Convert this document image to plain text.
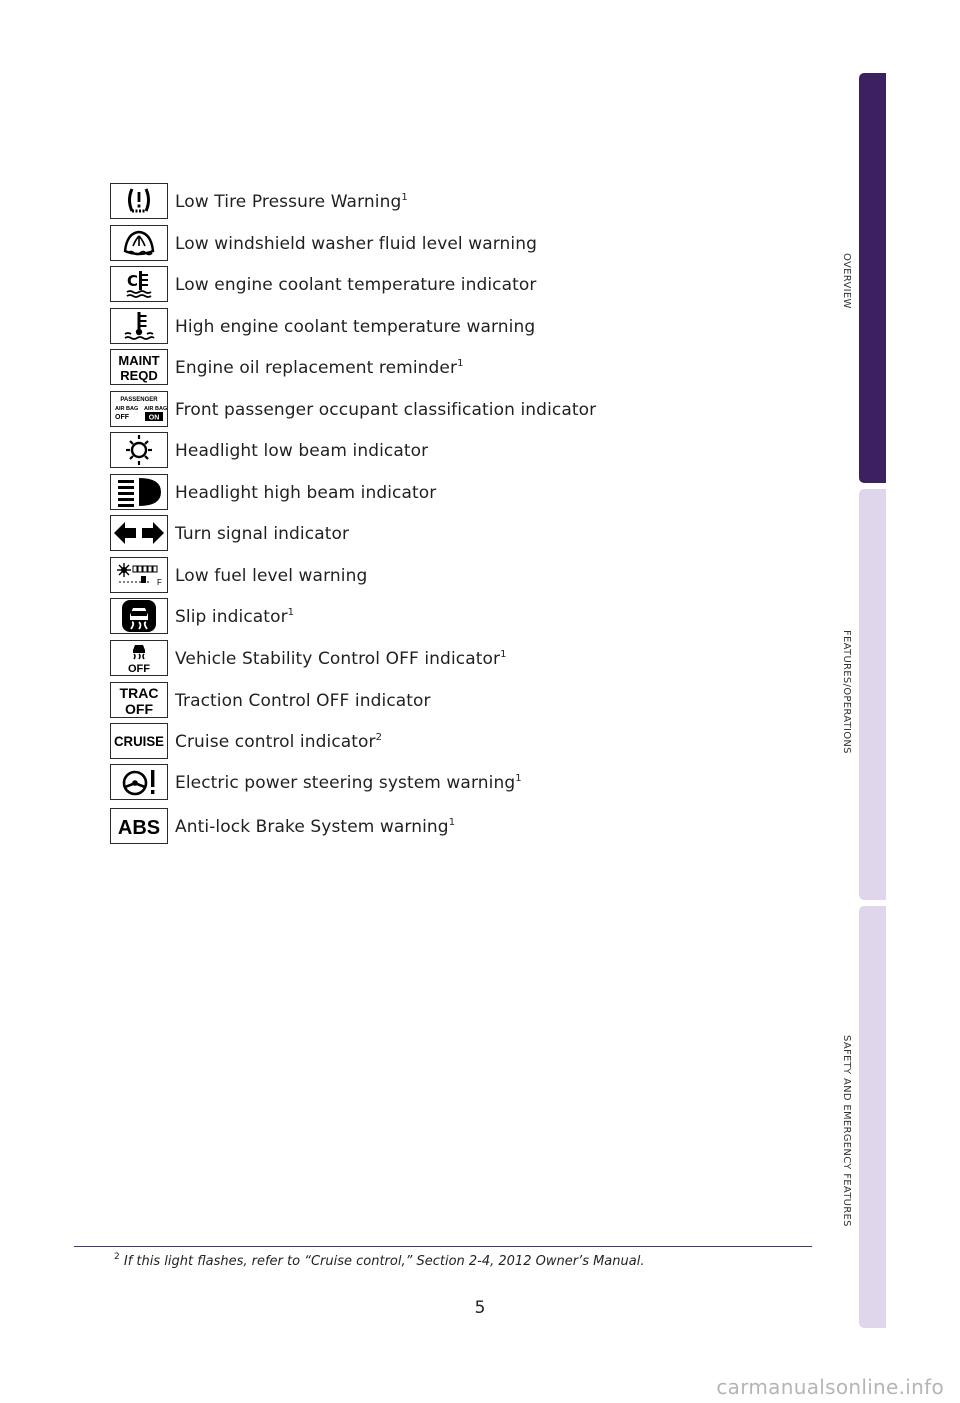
OVERVIEW
FEATURES/OPERATIONS
SAFETY AND EMERGENCY FEATURES
Low Tire Pressure Warning$^1$
Low windshield washer fluid level warning
C Low engine coolant temperature indicator
High engine coolant temperature warning
MAINT
REQD Engine oil replacement reminder$^1$
PASSENGER
AIR BAG
OFF
AIR BAG
ON Front passenger occupant classification indicator
Headlight low beam indicator
Headlight high beam indicator
Turn signal indicator
F Low fuel level warning
Slip indicator$^1$
OFF Vehicle Stability Control OFF indicator$^1$
TRAC
OFF Traction Control OFF indicator
CRUISE Cruise control indicator$^2$
Electric power steering system warning$^1$
ABS Anti-lock Brake System warning$^1$
$^2$ If this light flashes, refer to “Cruise control,” Section 2-4, 2012 Owner’s Manual.
5
carmanualsonline.info
